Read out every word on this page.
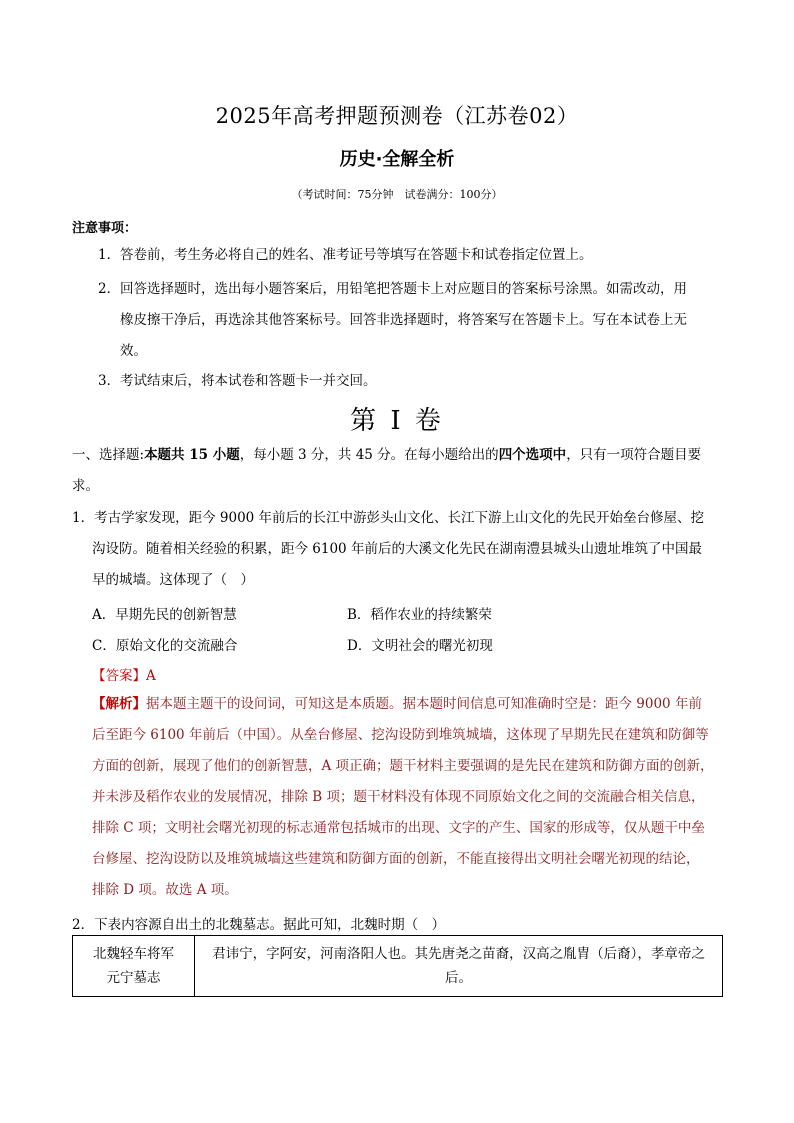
2025年高考押题预测卷（江苏卷02）
历史·全解全析
（考试时间：75分钟　试卷满分：100分）
注意事项：
1．答卷前，考生务必将自己的姓名、准考证号等填写在答题卡和试卷指定位置上。
2．回答选择题时，选出每小题答案后，用铅笔把答题卡上对应题目的答案标号涂黑。如需改动，用
橡皮擦干净后，再选涂其他答案标号。回答非选择题时，将答案写在答题卡上。写在本试卷上无
效。
3．考试结束后，将本试卷和答题卡一并交回。
第 I 卷
一、选择题:本题共 15 小题，每小题 3 分，共 45 分。在每小题给出的四个选项中，只有一项符合题目要
求。
1．考古学家发现，距今 9000 年前后的长江中游彭头山文化、长江下游上山文化的先民开始垒台修屋、挖
沟设防。随着相关经验的积累，距今 6100 年前后的大溪文化先民在湖南澧县城头山遗址堆筑了中国最
早的城墙。这体现了（　）
A．早期先民的创新智慧	B．稻作农业的持续繁荣
C．原始文化的交流融合	D．文明社会的曙光初现
【答案】A
【解析】据本题主题干的设问词，可知这是本质题。据本题时间信息可知准确时空是：距今 9000 年前
后至距今 6100 年前后（中国）。从垒台修屋、挖沟设防到堆筑城墙，这体现了早期先民在建筑和防御等
方面的创新，展现了他们的创新智慧，A 项正确；题干材料主要强调的是先民在建筑和防御方面的创新，
并未涉及稻作农业的发展情况，排除 B 项；题干材料没有体现不同原始文化之间的交流融合相关信息，
排除 C 项；文明社会曙光初现的标志通常包括城市的出现、文字的产生、国家的形成等，仅从题干中垒
台修屋、挖沟设防以及堆筑城墙这些建筑和防御方面的创新，不能直接得出文明社会曙光初现的结论，
排除 D 项。故选 A 项。
2．下表内容源自出土的北魏墓志。据此可知，北魏时期（　）
北魏轻车将军
元宁墓志	君讳宁，字阿安，河南洛阳人也。其先唐尧之苗裔，汉高之胤胄（后裔），孝章帝之
后。
